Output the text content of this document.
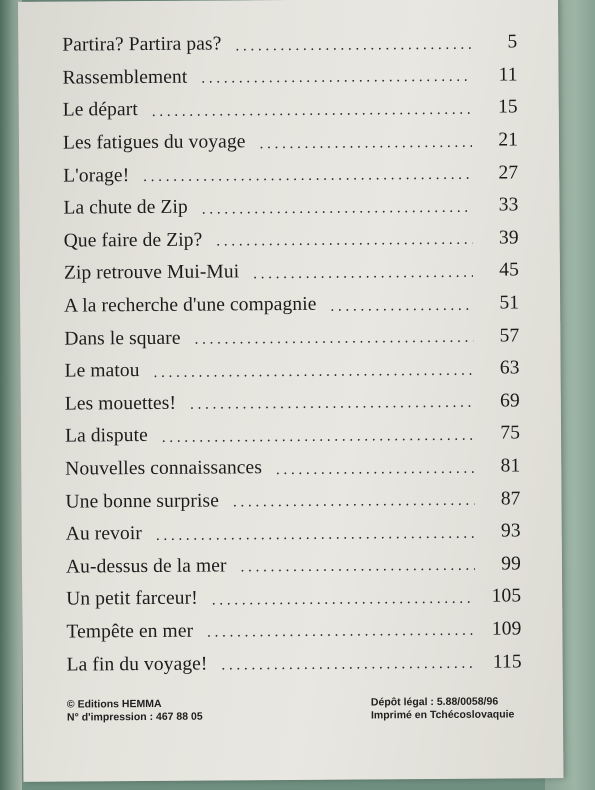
Partira? Partira pas? . . .	5
Rassemblement . . .	11
Le départ . . .	15
Les fatigues du voyage . . .	21
L'orage! . . .	27
La chute de Zip . . .	33
Que faire de Zip? . . .	39
Zip retrouve Mui-Mui . . .	45
A la recherche d'une compagnie . . .	51
Dans le square . . .	57
Le matou . . .	63
Les mouettes! . . .	69
La dispute . . .	75
Nouvelles connaissances . . .	81
Une bonne surprise . . .	87
Au revoir . . .	93
Au-dessus de la mer . . .	99
Un petit farceur! . . .	105
Tempête en mer . . .	109
La fin du voyage! . . .	115
© Editions HEMMA
N° d'impression : 467 88 05
Dépôt légal : 5.88/0058/96
Imprimé en Tchécoslovaquie
